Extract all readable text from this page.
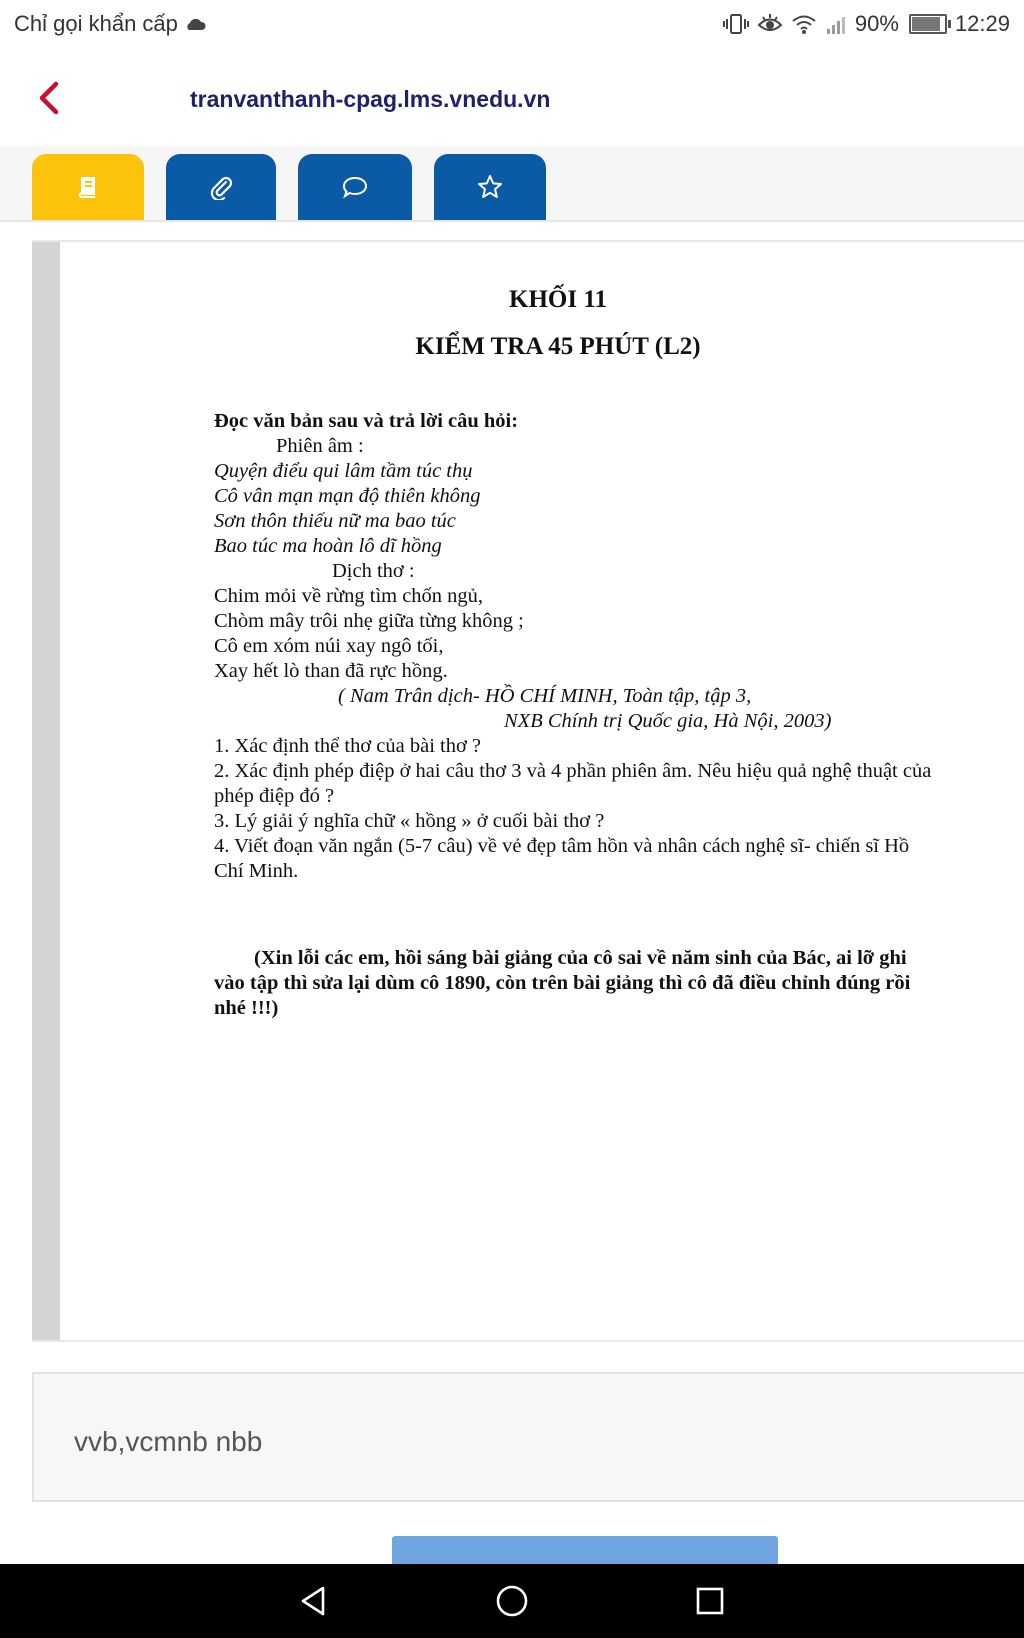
Chỉ gọi khẩn cấp	90%	12:29
tranvanthanh-cpag.lms.vnedu.vn
KHỐI 11
KIỂM TRA 45 PHÚT (L2)
Đọc văn bản sau và trả lời câu hỏi:
Phiên âm :
Quyện điểu qui lâm tầm túc thụ
Cô vân mạn mạn độ thiên không
Sơn thôn thiếu nữ ma bao túc
Bao túc ma hoàn lô dĩ hồng
Dịch thơ :
Chim mỏi về rừng tìm chốn ngủ,
Chòm mây trôi nhẹ giữa từng không ;
Cô em xóm núi xay ngô tối,
Xay hết lò than đã rực hồng.
( Nam Trân dịch- HỒ CHÍ MINH, Toàn tập, tập 3,
NXB Chính trị Quốc gia, Hà Nội, 2003)
1. Xác định thể thơ của bài thơ ?
2. Xác định phép điệp ở hai câu thơ 3 và 4 phần phiên âm. Nêu hiệu quả nghệ thuật của
phép điệp đó ?
3. Lý giải ý nghĩa chữ « hồng » ở cuối bài thơ ?
4. Viết đoạn văn ngắn (5-7 câu) về vẻ đẹp tâm hồn và nhân cách nghệ sĩ- chiến sĩ Hồ
Chí Minh.
(Xin lỗi các em, hồi sáng bài giảng của cô sai về năm sinh của Bác, ai lỡ ghi
vào tập thì sửa lại dùm cô 1890, còn trên bài giảng thì cô đã điều chỉnh đúng rồi
nhé !!!)
vvb,vcmnb nbb
